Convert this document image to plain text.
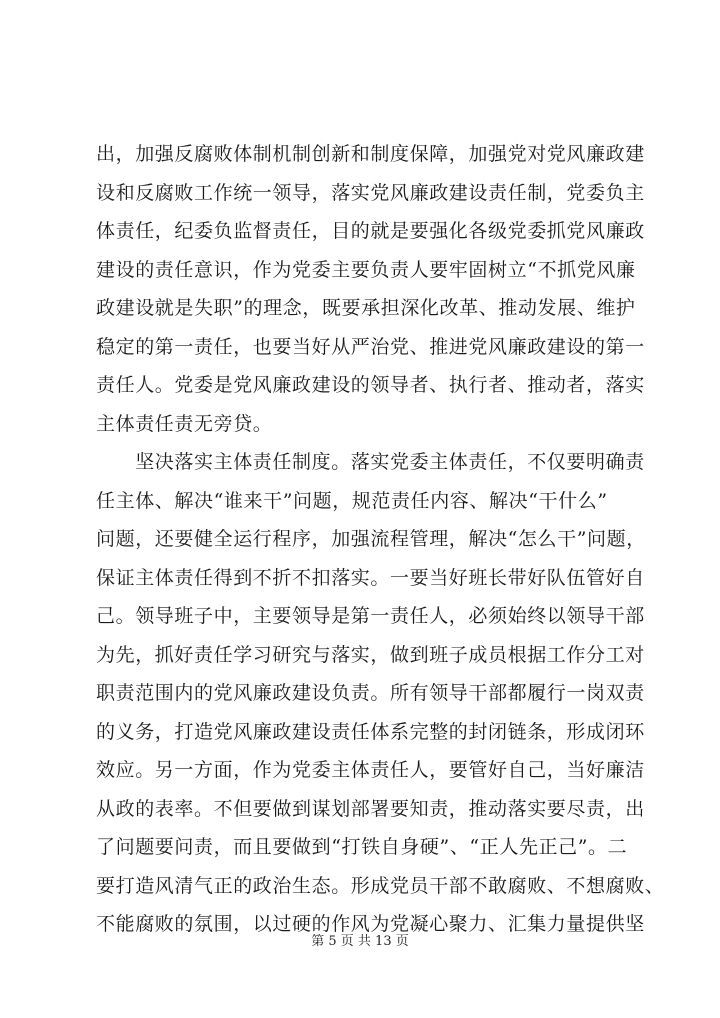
出，加强反腐败体制机制创新和制度保障，加强党对党风廉政建
设和反腐败工作统一领导，落实党风廉政建设责任制，党委负主
体责任，纪委负监督责任，目的就是要强化各级党委抓党风廉政
建设的责任意识，作为党委主要负责人要牢固树立“不抓党风廉
政建设就是失职”的理念，既要承担深化改革、推动发展、维护
稳定的第一责任，也要当好从严治党、推进党风廉政建设的第一
责任人。党委是党风廉政建设的领导者、执行者、推动者，落实
主体责任责无旁贷。
　　坚决落实主体责任制度。落实党委主体责任，不仅要明确责
任主体、解决“谁来干”问题，规范责任内容、解决“干什么”
问题，还要健全运行程序，加强流程管理，解决“怎么干”问题，
保证主体责任得到不折不扣落实。一要当好班长带好队伍管好自
己。领导班子中，主要领导是第一责任人，必须始终以领导干部
为先，抓好责任学习研究与落实，做到班子成员根据工作分工对
职责范围内的党风廉政建设负责。所有领导干部都履行一岗双责
的义务，打造党风廉政建设责任体系完整的封闭链条，形成闭环
效应。另一方面，作为党委主体责任人，要管好自己，当好廉洁
从政的表率。不但要做到谋划部署要知责，推动落实要尽责，出
了问题要问责，而且要做到“打铁自身硬”、“正人先正己”。二
要打造风清气正的政治生态。形成党员干部不敢腐败、不想腐败、
不能腐败的氛围，以过硬的作风为党凝心聚力、汇集力量提供坚
第 5 页 共 13 页
